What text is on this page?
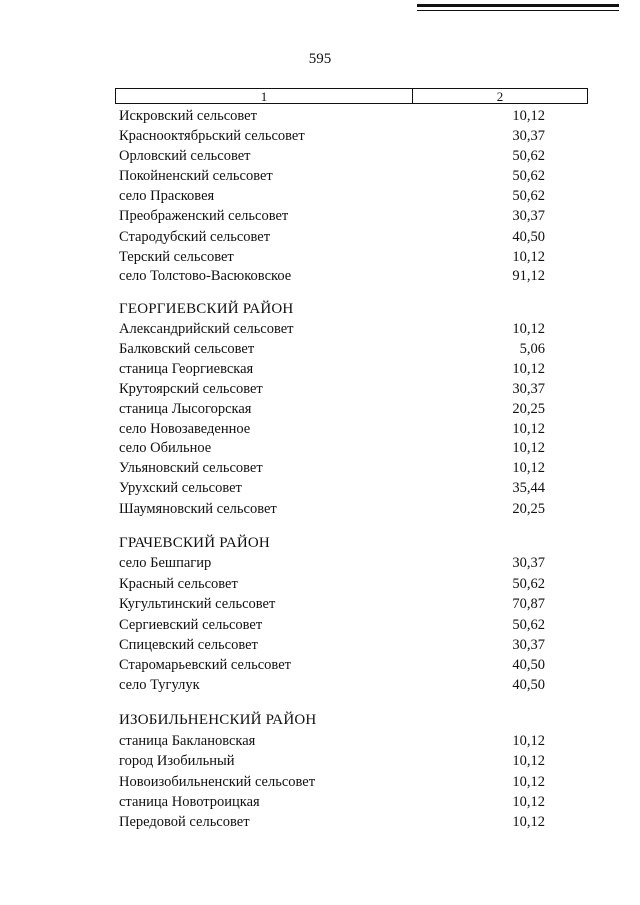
595
1	2
Искровский сельсовет	10,12
Краснооктябрьский сельсовет	30,37
Орловский сельсовет	50,62
Покойненский сельсовет	50,62
село Прасковея	50,62
Преображенский сельсовет	30,37
Стародубский сельсовет	40,50
Терский сельсовет	10,12
село Толстово-Васюковское	91,12
ГЕОРГИЕВСКИЙ РАЙОН
Александрийский сельсовет	10,12
Балковский сельсовет	5,06
станица Георгиевская	10,12
Крутоярский сельсовет	30,37
станица Лысогорская	20,25
село Новозаведенное	10,12
село Обильное	10,12
Ульяновский сельсовет	10,12
Урухский сельсовет	35,44
Шаумяновский сельсовет	20,25
ГРАЧЕВСКИЙ РАЙОН
село Бешпагир	30,37
Красный сельсовет	50,62
Кугультинский сельсовет	70,87
Сергиевский сельсовет	50,62
Спицевский сельсовет	30,37
Старомарьевский сельсовет	40,50
село Тугулук	40,50
ИЗОБИЛЬНЕНСКИЙ РАЙОН
станица Баклановская	10,12
город Изобильный	10,12
Новоизобильненский сельсовет	10,12
станица Новотроицкая	10,12
Передовой сельсовет	10,12
